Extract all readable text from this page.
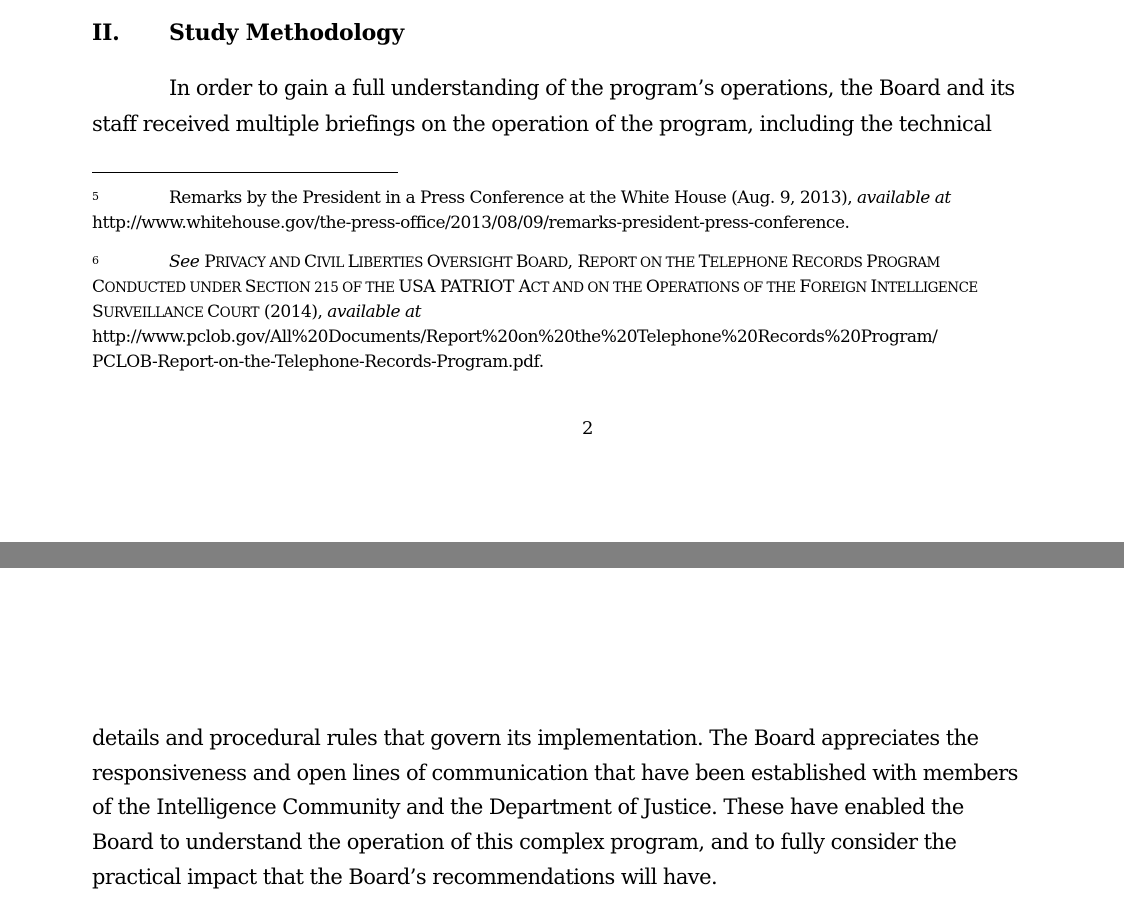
II. Study Methodology
In order to gain a full understanding of the program’s operations, the Board and its
staff received multiple briefings on the operation of the program, including the technical
5	Remarks by the President in a Press Conference at the White House (Aug. 9, 2013), available at
http://www.whitehouse.gov/the-press-office/2013/08/09/remarks-president-press-conference.
6	See PRIVACY AND CIVIL LIBERTIES OVERSIGHT BOARD, REPORT ON THE TELEPHONE RECORDS PROGRAM
CONDUCTED UNDER SECTION 215 OF THE USA PATRIOT ACT AND ON THE OPERATIONS OF THE FOREIGN INTELLIGENCE
SURVEILLANCE COURT (2014), available at
http://www.pclob.gov/All%20Documents/Report%20on%20the%20Telephone%20Records%20Program/
PCLOB-Report-on-the-Telephone-Records-Program.pdf.
2
details and procedural rules that govern its implementation. The Board appreciates the
responsiveness and open lines of communication that have been established with members
of the Intelligence Community and the Department of Justice. These have enabled the
Board to understand the operation of this complex program, and to fully consider the
practical impact that the Board’s recommendations will have.
